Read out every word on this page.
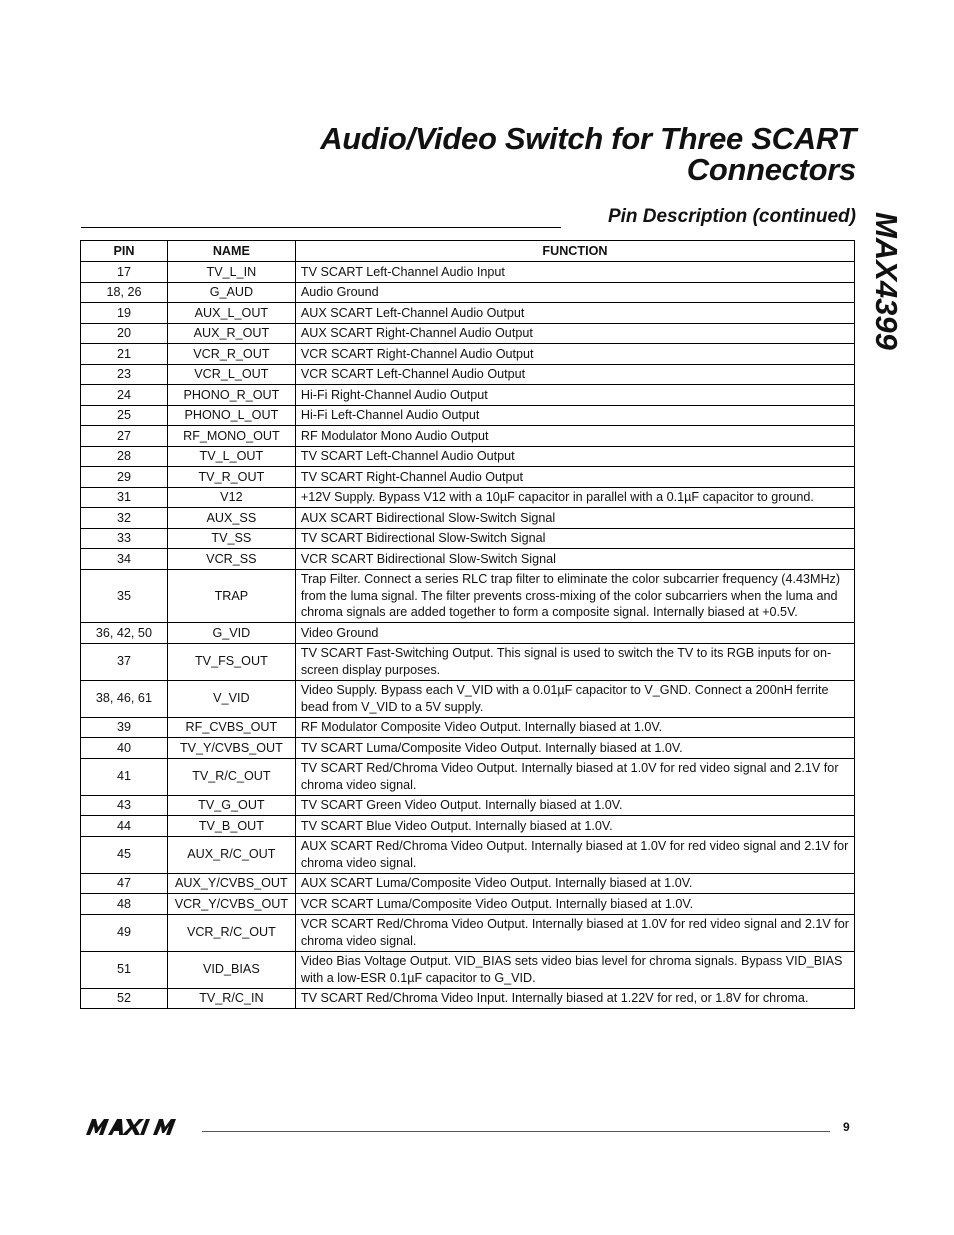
Audio/Video Switch for Three SCART
Connectors
Pin Description (continued) MAX4399
PIN	NAME	FUNCTION
17	TV_L_IN	TV SCART Left-Channel Audio Input
18, 26	G_AUD	Audio Ground
19	AUX_L_OUT	AUX SCART Left-Channel Audio Output
20	AUX_R_OUT	AUX SCART Right-Channel Audio Output
21	VCR_R_OUT	VCR SCART Right-Channel Audio Output
23	VCR_L_OUT	VCR SCART Left-Channel Audio Output
24	PHONO_R_OUT	Hi-Fi Right-Channel Audio Output
25	PHONO_L_OUT	Hi-Fi Left-Channel Audio Output
27	RF_MONO_OUT	RF Modulator Mono Audio Output
28	TV_L_OUT	TV SCART Left-Channel Audio Output
29	TV_R_OUT	TV SCART Right-Channel Audio Output
31	V12	+12V Supply. Bypass V12 with a 10µF capacitor in parallel with a 0.1µF capacitor to ground.
32	AUX_SS	AUX SCART Bidirectional Slow-Switch Signal
33	TV_SS	TV SCART Bidirectional Slow-Switch Signal
34	VCR_SS	VCR SCART Bidirectional Slow-Switch Signal
35	TRAP	Trap Filter. Connect a series RLC trap filter to eliminate the color subcarrier frequency (4.43MHz) from the luma signal. The filter prevents cross-mixing of the color subcarriers when the luma and chroma signals are added together to form a composite signal. Internally biased at +0.5V.
36, 42, 50	G_VID	Video Ground
37	TV_FS_OUT	TV SCART Fast-Switching Output. This signal is used to switch the TV to its RGB inputs for on-screen display purposes.
38, 46, 61	V_VID	Video Supply. Bypass each V_VID with a 0.01µF capacitor to V_GND. Connect a 200nH ferrite bead from V_VID to a 5V supply.
39	RF_CVBS_OUT	RF Modulator Composite Video Output. Internally biased at 1.0V.
40	TV_Y/CVBS_OUT	TV SCART Luma/Composite Video Output. Internally biased at 1.0V.
41	TV_R/C_OUT	TV SCART Red/Chroma Video Output. Internally biased at 1.0V for red video signal and 2.1V for chroma video signal.
43	TV_G_OUT	TV SCART Green Video Output. Internally biased at 1.0V.
44	TV_B_OUT	TV SCART Blue Video Output. Internally biased at 1.0V.
45	AUX_R/C_OUT	AUX SCART Red/Chroma Video Output. Internally biased at 1.0V for red video signal and 2.1V for chroma video signal.
47	AUX_Y/CVBS_OUT	AUX SCART Luma/Composite Video Output. Internally biased at 1.0V.
48	VCR_Y/CVBS_OUT	VCR SCART Luma/Composite Video Output. Internally biased at 1.0V.
49	VCR_R/C_OUT	VCR SCART Red/Chroma Video Output. Internally biased at 1.0V for red video signal and 2.1V for chroma video signal.
51	VID_BIAS	Video Bias Voltage Output. VID_BIAS sets video bias level for chroma signals. Bypass VID_BIAS with a low-ESR 0.1µF capacitor to G_VID.
52	TV_R/C_IN	TV SCART Red/Chroma Video Input. Internally biased at 1.22V for red, or 1.8V for chroma.
9
